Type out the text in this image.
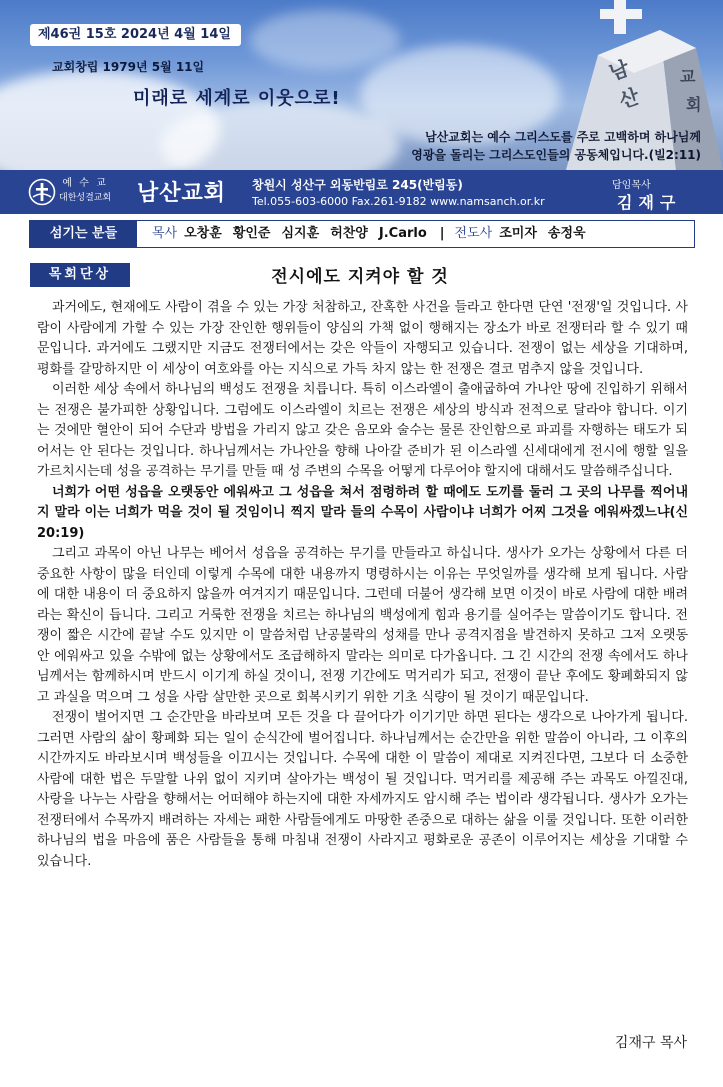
남
산
교
회
제46권 15호 2024년 4월 14일
교회창립 1979년 5월 11일
미래로 세계로 이웃으로!
남산교회는 예수 그리스도를 주로 고백하며 하나님께
영광을 돌리는 그리스도인들의 공동체입니다.(빌2:11)
예 수 교
대한성결교회 남산교회 창원시 성산구 외동반림로 245(반림동)
Tel.055-603-6000 Fax.261-9182 www.namsanch.or.kr
담임목사
김재구
섬기는 분들	목사 오창훈 황인준 심지훈 허찬양 J.Carlo | 전도사 조미자 송정욱
목회단상	전시에도 지켜야 할 것

과거에도, 현재에도 사람이 겪을 수 있는 가장 처참하고, 잔혹한 사건을 들라고 한다면 단연 '전쟁'일 것입니다. 사람이 사람에게 가할 수 있는 가장 잔인한 행위들이 양심의 가책 없이 행해지는 장소가 바로 전쟁터라 할 수 있기 때문입니다. 과거에도 그랬지만 지금도 전쟁터에서는 갖은 악들이 자행되고 있습니다. 전쟁이 없는 세상을 기대하며, 평화를 갈망하지만 이 세상이 여호와를 아는 지식으로 가득 차지 않는 한 전쟁은 결코 멈추지 않을 것입니다.

이러한 세상 속에서 하나님의 백성도 전쟁을 치릅니다. 특히 이스라엘이 출애굽하여 가나안 땅에 진입하기 위해서는 전쟁은 불가피한 상황입니다. 그럼에도 이스라엘이 치르는 전쟁은 세상의 방식과 전적으로 달라야 합니다. 이기는 것에만 혈안이 되어 수단과 방법을 가리지 않고 갖은 음모와 술수는 물론 잔인함으로 파괴를 자행하는 태도가 되어서는 안 된다는 것입니다. 하나님께서는 가나안을 향해 나아갈 준비가 된 이스라엘 신세대에게 전시에 행할 일을 가르치시는데 성을 공격하는 무기를 만들 때 성 주변의 수목을 어떻게 다루어야 할지에 대해서도 말씀해주십니다.

너희가 어떤 성읍을 오랫동안 에워싸고 그 성읍을 쳐서 점령하려 할 때에도 도끼를 둘러 그 곳의 나무를 찍어내지 말라 이는 너희가 먹을 것이 될 것임이니 찍지 말라 들의 수목이 사람이냐 너희가 어찌 그것을 에워싸겠느냐(신 20:19)

그리고 과목이 아닌 나무는 베어서 성읍을 공격하는 무기를 만들라고 하십니다. 생사가 오가는 상황에서 다른 더 중요한 사항이 많을 터인데 이렇게 수목에 대한 내용까지 명령하시는 이유는 무엇일까를 생각해 보게 됩니다. 사람에 대한 내용이 더 중요하지 않을까 여겨지기 때문입니다. 그런데 더불어 생각해 보면 이것이 바로 사람에 대한 배려라는 확신이 듭니다. 그리고 거룩한 전쟁을 치르는 하나님의 백성에게 힘과 용기를 실어주는 말씀이기도 합니다. 전쟁이 짧은 시간에 끝날 수도 있지만 이 말씀처럼 난공불락의 성채를 만나 공격지점을 발견하지 못하고 그저 오랫동안 에워싸고 있을 수밖에 없는 상황에서도 조급해하지 말라는 의미로 다가옵니다. 그 긴 시간의 전쟁 속에서도 하나님께서는 함께하시며 반드시 이기게 하실 것이니, 전쟁 기간에도 먹거리가 되고, 전쟁이 끝난 후에도 황폐화되지 않고 과실을 먹으며 그 성을 사람 살만한 곳으로 회복시키기 위한 기초 식량이 될 것이기 때문입니다.

전쟁이 벌어지면 그 순간만을 바라보며 모든 것을 다 끌어다가 이기기만 하면 된다는 생각으로 나아가게 됩니다. 그러면 사람의 삶이 황폐화 되는 일이 순식간에 벌어집니다. 하나님께서는 순간만을 위한 말씀이 아니라, 그 이후의 시간까지도 바라보시며 백성들을 이끄시는 것입니다. 수목에 대한 이 말씀이 제대로 지켜진다면, 그보다 더 소중한 사람에 대한 법은 두말할 나위 없이 지키며 살아가는 백성이 될 것입니다. 먹거리를 제공해 주는 과목도 아낄진대, 사랑을 나누는 사람을 향해서는 어떠해야 하는지에 대한 자세까지도 암시해 주는 법이라 생각됩니다. 생사가 오가는 전쟁터에서 수목까지 배려하는 자세는 패한 사람들에게도 마땅한 존중으로 대하는 삶을 이룰 것입니다. 또한 이러한 하나님의 법을 마음에 품은 사람들을 통해 마침내 전쟁이 사라지고 평화로운 공존이 이루어지는 세상을 기대할 수 있습니다.

김재구 목사
